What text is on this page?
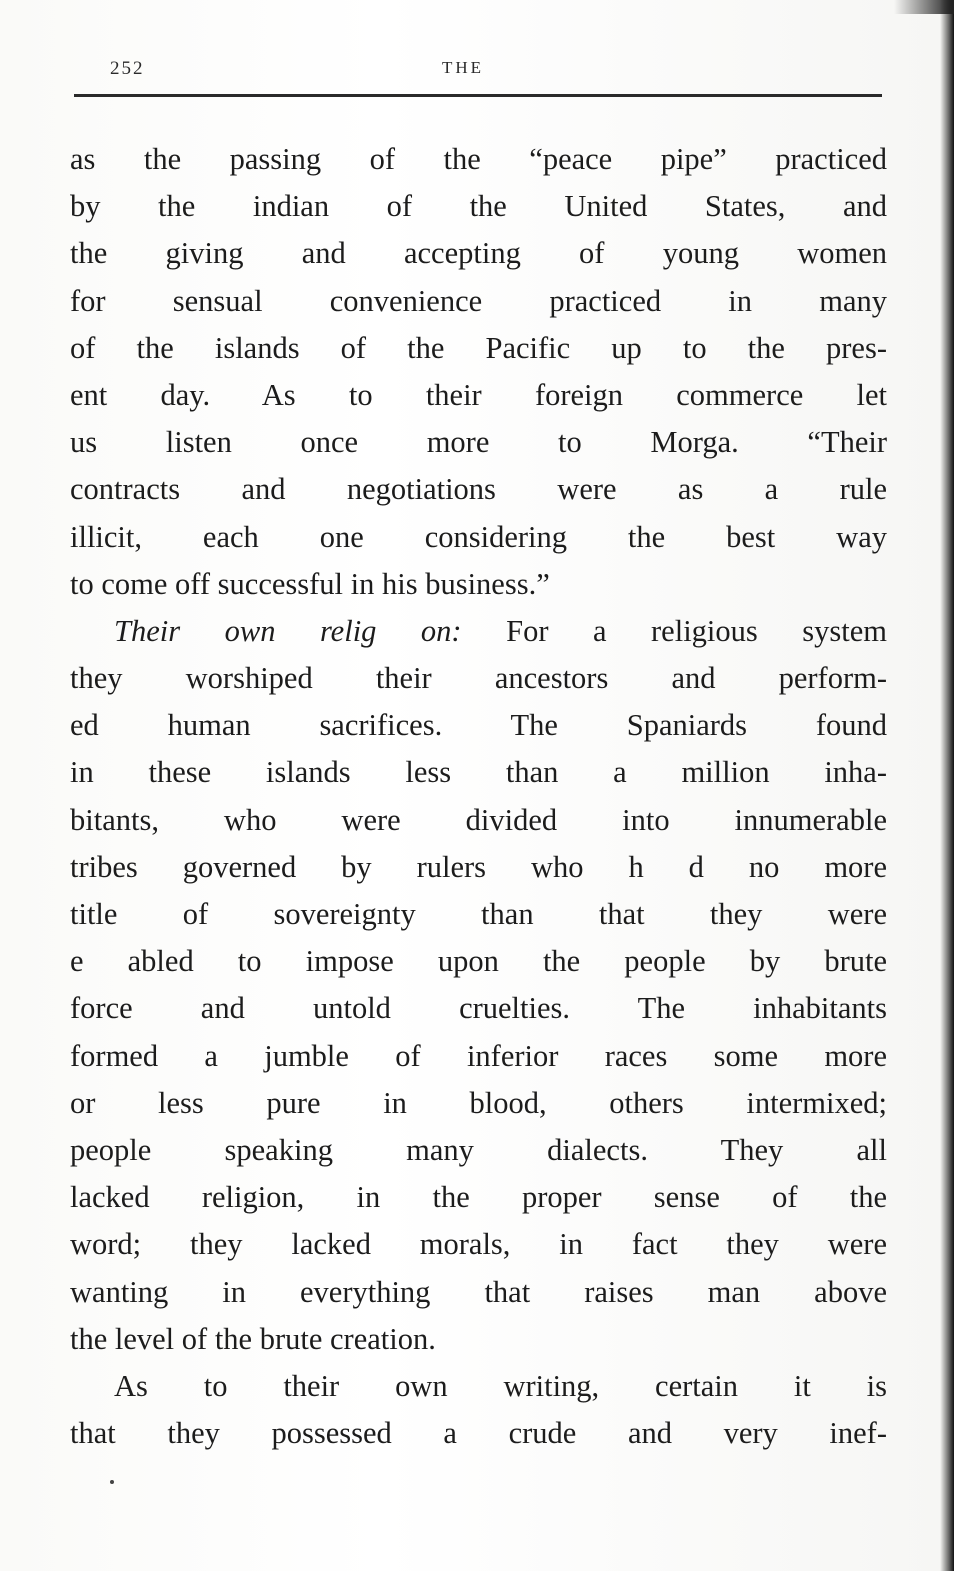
252	THE
as the passing of the “peace pipe” practiced
by the indian of the United States, and
the giving and accepting of young women
for sensual convenience practiced in many
of the islands of the Pacific up to the pres-
ent day. As to their foreign commerce let
us listen once more to Morga. “Their
contracts and negotiations were as a rule
illicit, each one considering the best way
to come off successful in his business.”
Their own relig on: For a religious system
they worshiped their ancestors and perform-
ed human sacrifices. The Spaniards found
in these islands less than a million inha-
bitants, who were divided into innumerable
tribes governed by rulers who h d no more
title of sovereignty than that they were
e abled to impose upon the people by brute
force and untold cruelties. The inhabitants
formed a jumble of inferior races some more
or less pure in blood, others intermixed;
people speaking many dialects. They all
lacked religion, in the proper sense of the
word; they lacked morals, in fact they were
wanting in everything that raises man above
the level of the brute creation.
As to their own writing, certain it is
that they possessed a crude and very inef-
